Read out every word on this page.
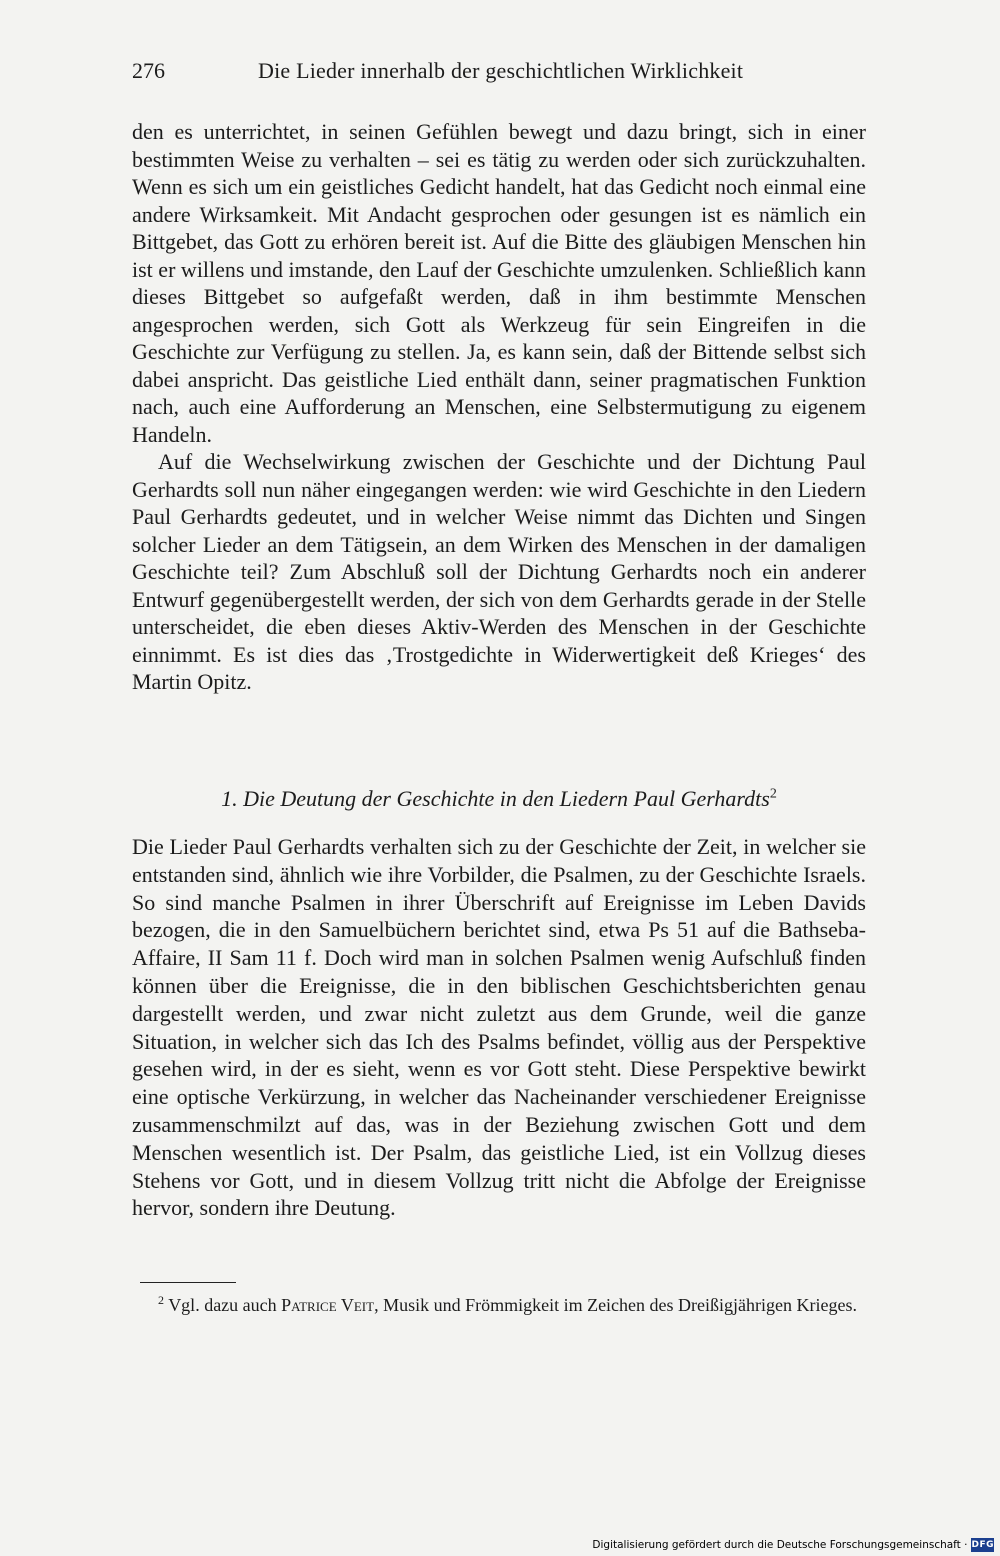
276	Die Lieder innerhalb der geschichtlichen Wirklichkeit

den es unterrichtet, in seinen Gefühlen bewegt und dazu bringt, sich in einer bestimmten Weise zu verhalten – sei es tätig zu werden oder sich zurückzuhalten. Wenn es sich um ein geistliches Gedicht handelt, hat das Gedicht noch einmal eine andere Wirksamkeit. Mit Andacht gesprochen oder gesungen ist es nämlich ein Bittgebet, das Gott zu erhören bereit ist. Auf die Bitte des gläubigen Menschen hin ist er willens und imstande, den Lauf der Geschichte umzulenken. Schließlich kann dieses Bittgebet so aufgefaßt werden, daß in ihm bestimmte Menschen angesprochen werden, sich Gott als Werkzeug für sein Eingreifen in die Geschichte zur Verfügung zu stellen. Ja, es kann sein, daß der Bittende selbst sich dabei anspricht. Das geistliche Lied enthält dann, seiner pragmatischen Funktion nach, auch eine Aufforderung an Menschen, eine Selbstermutigung zu eigenem Handeln.

Auf die Wechselwirkung zwischen der Geschichte und der Dichtung Paul Gerhardts soll nun näher eingegangen werden: wie wird Geschichte in den Liedern Paul Gerhardts gedeutet, und in welcher Weise nimmt das Dichten und Singen solcher Lieder an dem Tätigsein, an dem Wirken des Menschen in der damaligen Geschichte teil? Zum Abschluß soll der Dichtung Gerhardts noch ein anderer Entwurf gegenübergestellt werden, der sich von dem Gerhardts gerade in der Stelle unterscheidet, die eben dieses Aktiv-Werden des Menschen in der Geschichte einnimmt. Es ist dies das ‚Trostgedichte in Widerwertigkeit deß Krieges‘ des Martin Opitz.

1. Die Deutung der Geschichte in den Liedern Paul Gerhardts$^2$

Die Lieder Paul Gerhardts verhalten sich zu der Geschichte der Zeit, in welcher sie entstanden sind, ähnlich wie ihre Vorbilder, die Psalmen, zu der Geschichte Israels. So sind manche Psalmen in ihrer Überschrift auf Ereignisse im Leben Davids bezogen, die in den Samuelbüchern berichtet sind, etwa Ps 51 auf die Bathseba-Affaire, II Sam 11 f. Doch wird man in solchen Psalmen wenig Aufschluß finden können über die Ereignisse, die in den biblischen Geschichtsberichten genau dargestellt werden, und zwar nicht zuletzt aus dem Grunde, weil die ganze Situation, in welcher sich das Ich des Psalms befindet, völlig aus der Perspektive gesehen wird, in der es sieht, wenn es vor Gott steht. Diese Perspektive bewirkt eine optische Verkürzung, in welcher das Nacheinander verschiedener Ereignisse zusammenschmilzt auf das, was in der Beziehung zwischen Gott und dem Menschen wesentlich ist. Der Psalm, das geistliche Lied, ist ein Vollzug dieses Stehens vor Gott, und in diesem Vollzug tritt nicht die Abfolge der Ereignisse hervor, sondern ihre Deutung.

$^2$ Vgl. dazu auch Patrice Veit, Musik und Frömmigkeit im Zeichen des Dreißigjährigen Krieges.
Digitalisierung gefördert durch die Deutsche Forschungsgemeinschaft · DFG
